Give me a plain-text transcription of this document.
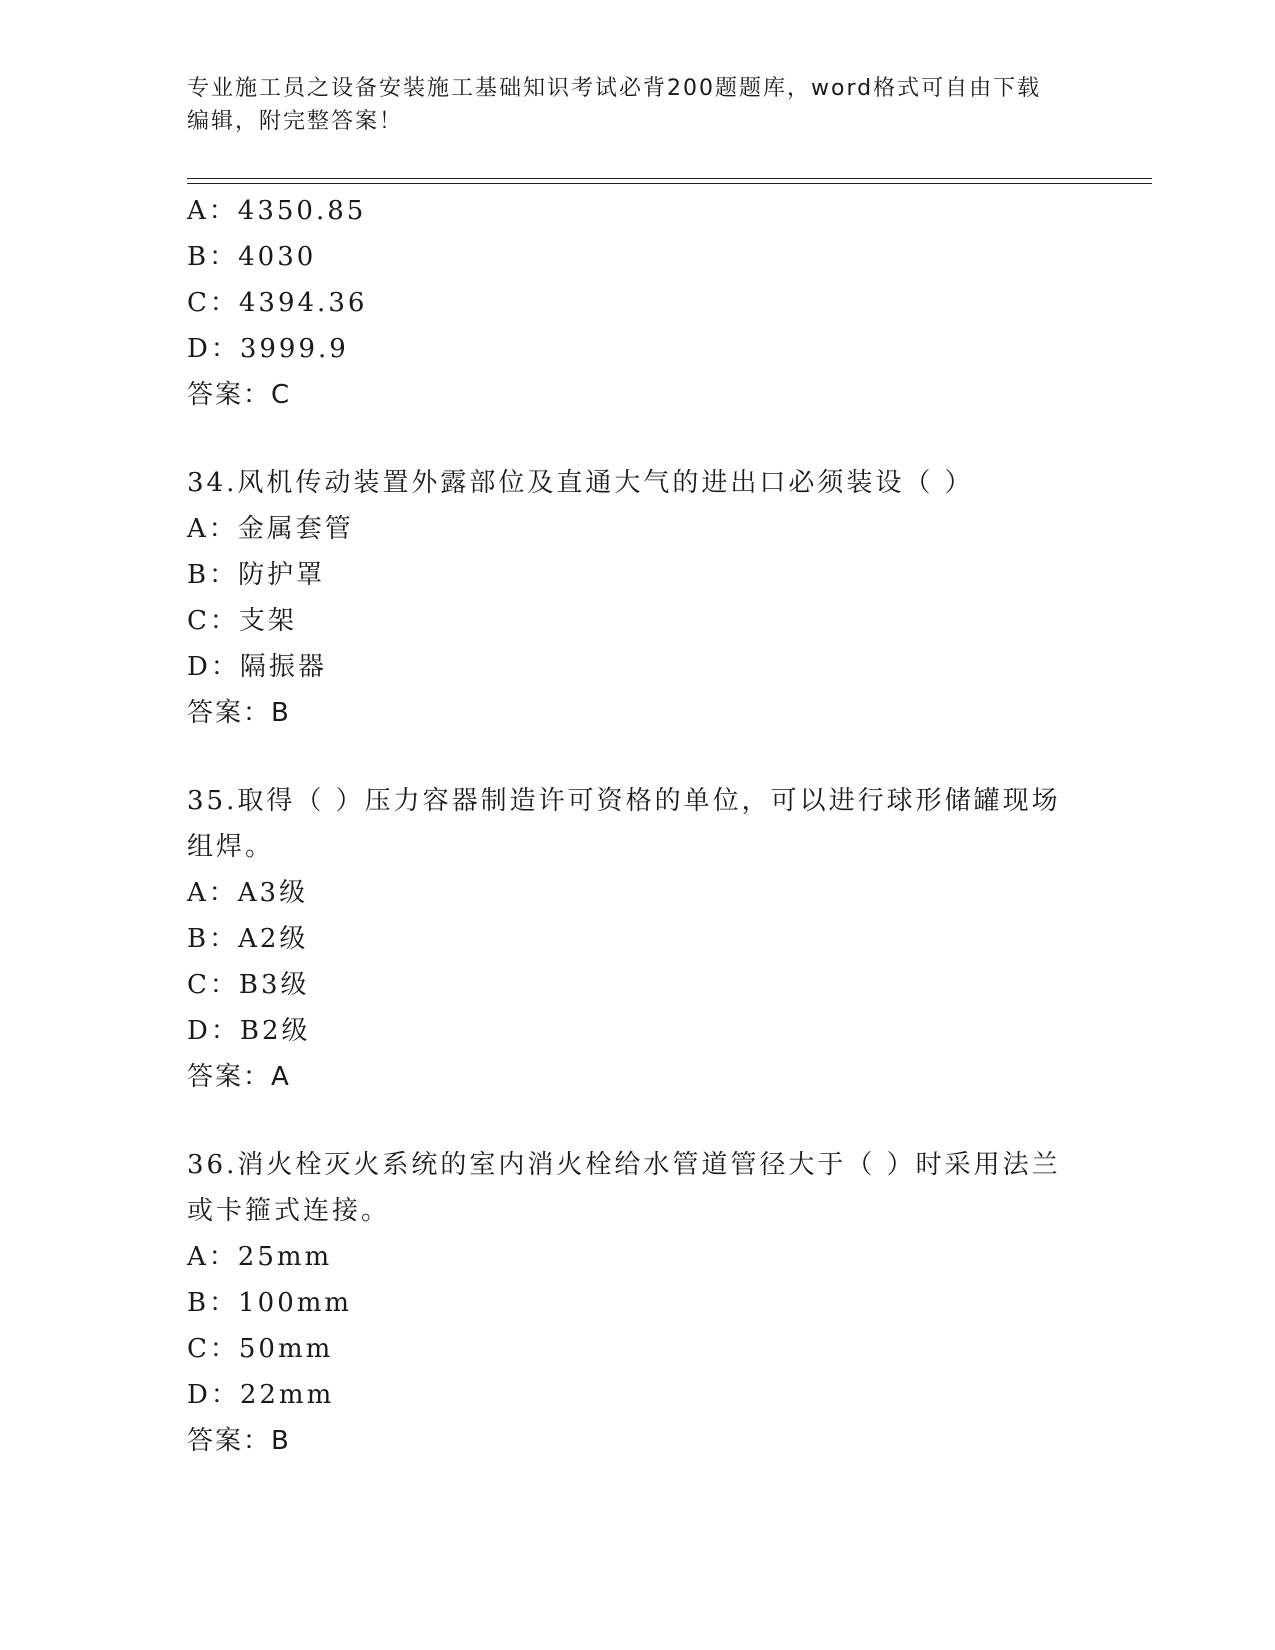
专业施工员之设备安装施工基础知识考试必背200题题库，word格式可自由下载
编辑，附完整答案！
A：4350.85
B：4030
C：4394.36
D：3999.9
答案：C
34.风机传动装置外露部位及直通大气的进出口必须装设（ ）
A：金属套管
B：防护罩
C：支架
D：隔振器
答案：B
35.取得（ ）压力容器制造许可资格的单位，可以进行球形储罐现场
组焊。
A：A3级
B：A2级
C：B3级
D：B2级
答案：A
36.消火栓灭火系统的室内消火栓给水管道管径大于（ ）时采用法兰
或卡箍式连接。
A：25mm
B：100mm
C：50mm
D：22mm
答案：B
